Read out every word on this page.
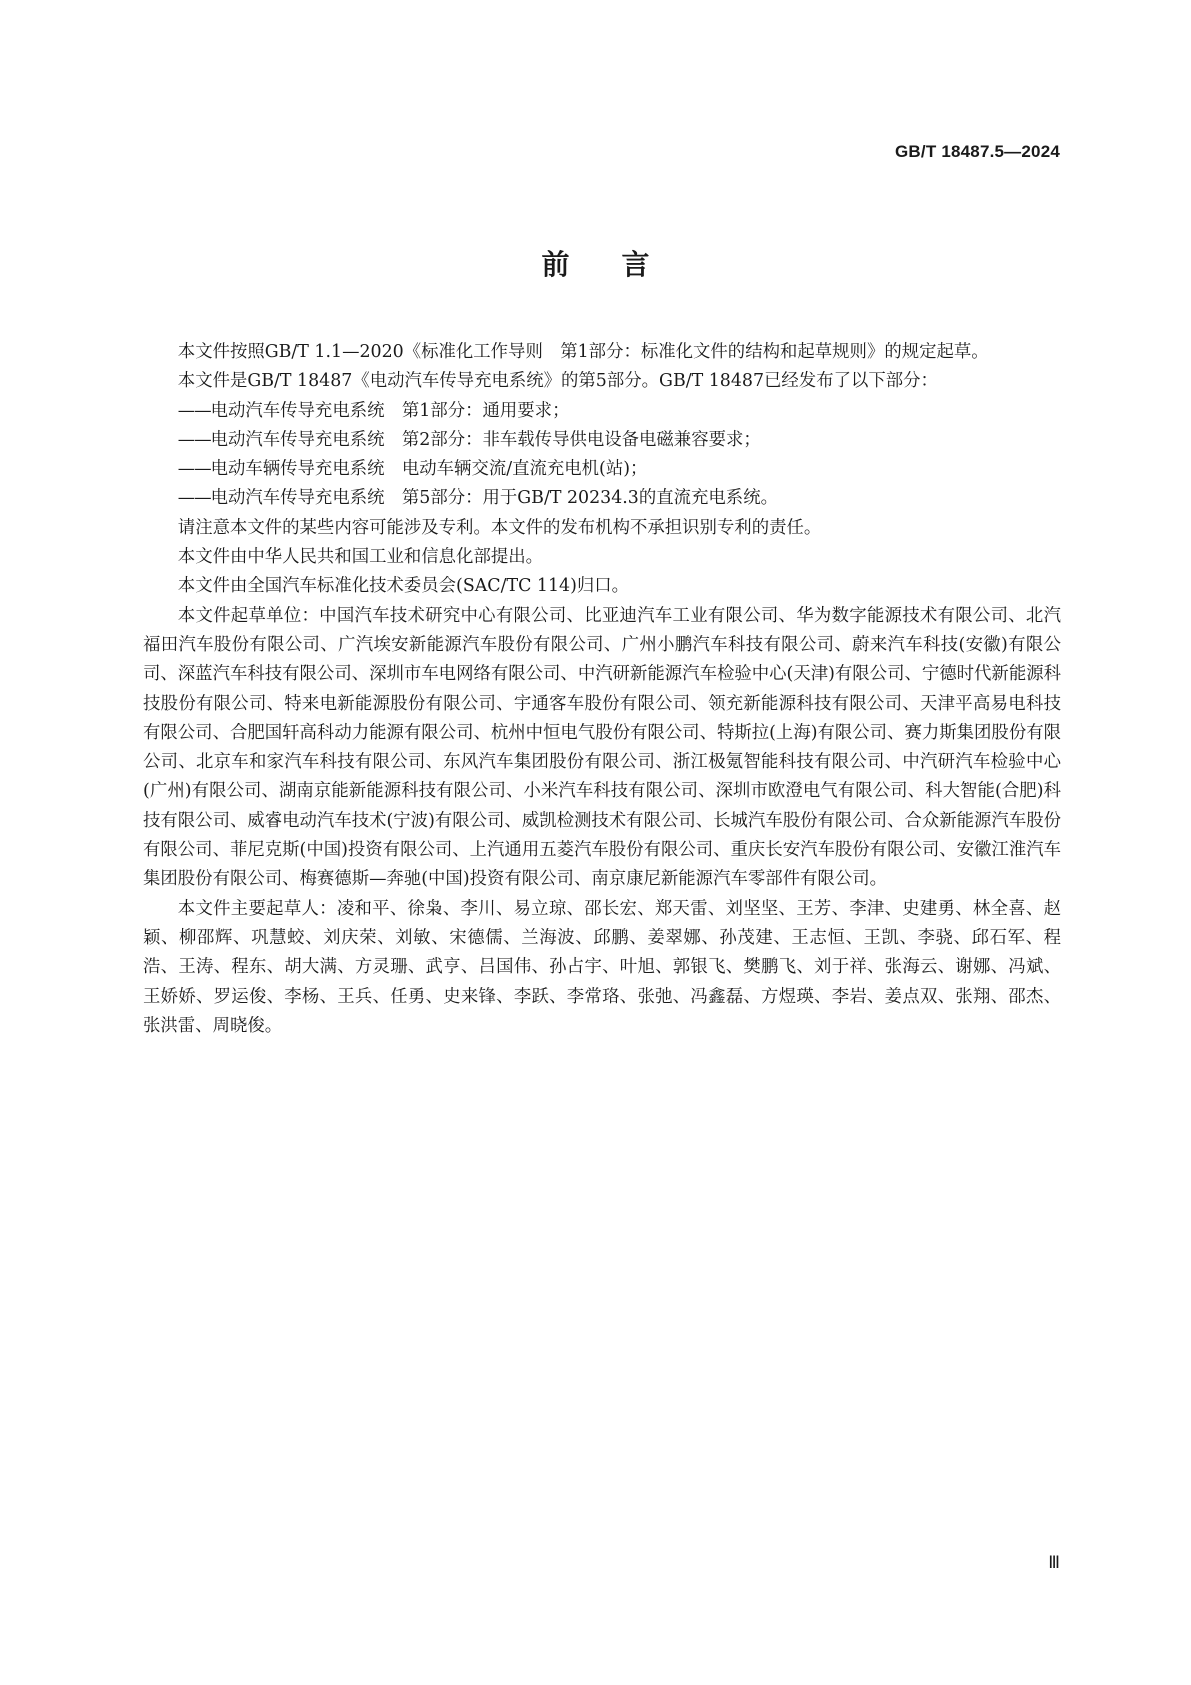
GB/T 18487.5—2024
前言

本文件按照GB/T 1.1—2020《标准化工作导则　第1部分：标准化文件的结构和起草规则》的规定起草。

本文件是GB/T 18487《电动汽车传导充电系统》的第5部分。GB/T 18487已经发布了以下部分：

——电动汽车传导充电系统　第1部分：通用要求；
——电动汽车传导充电系统　第2部分：非车载传导供电设备电磁兼容要求；
——电动车辆传导充电系统　电动车辆交流/直流充电机(站)；
——电动汽车传导充电系统　第5部分：用于GB/T 20234.3的直流充电系统。

请注意本文件的某些内容可能涉及专利。本文件的发布机构不承担识别专利的责任。

本文件由中华人民共和国工业和信息化部提出。

本文件由全国汽车标准化技术委员会(SAC/TC 114)归口。

本文件起草单位：中国汽车技术研究中心有限公司、比亚迪汽车工业有限公司、华为数字能源技术有限公司、北汽福田汽车股份有限公司、广汽埃安新能源汽车股份有限公司、广州小鹏汽车科技有限公司、蔚来汽车科技(安徽)有限公司、深蓝汽车科技有限公司、深圳市车电网络有限公司、中汽研新能源汽车检验中心(天津)有限公司、宁德时代新能源科技股份有限公司、特来电新能源股份有限公司、宇通客车股份有限公司、领充新能源科技有限公司、天津平高易电科技有限公司、合肥国轩高科动力能源有限公司、杭州中恒电气股份有限公司、特斯拉(上海)有限公司、赛力斯集团股份有限公司、北京车和家汽车科技有限公司、东风汽车集团股份有限公司、浙江极氪智能科技有限公司、中汽研汽车检验中心(广州)有限公司、湖南京能新能源科技有限公司、小米汽车科技有限公司、深圳市欧澄电气有限公司、科大智能(合肥)科技有限公司、威睿电动汽车技术(宁波)有限公司、威凯检测技术有限公司、长城汽车股份有限公司、合众新能源汽车股份有限公司、菲尼克斯(中国)投资有限公司、上汽通用五菱汽车股份有限公司、重庆长安汽车股份有限公司、安徽江淮汽车集团股份有限公司、梅赛德斯—奔驰(中国)投资有限公司、南京康尼新能源汽车零部件有限公司。

本文件主要起草人：凌和平、徐枭、李川、易立琼、邵长宏、郑天雷、刘坚坚、王芳、李津、史建勇、林全喜、赵颖、柳邵辉、巩慧蛟、刘庆荣、刘敏、宋德儒、兰海波、邱鹏、姜翠娜、孙茂建、王志恒、王凯、李骁、邱石军、程浩、王涛、程东、胡大满、方灵珊、武亨、吕国伟、孙占宇、叶旭、郭银飞、樊鹏飞、刘于祥、张海云、谢娜、冯斌、王娇娇、罗运俊、李杨、王兵、任勇、史来锋、李跃、李常珞、张弛、冯鑫磊、方煜瑛、李岩、姜点双、张翔、邵杰、张洪雷、周晓俊。

Ⅲ
